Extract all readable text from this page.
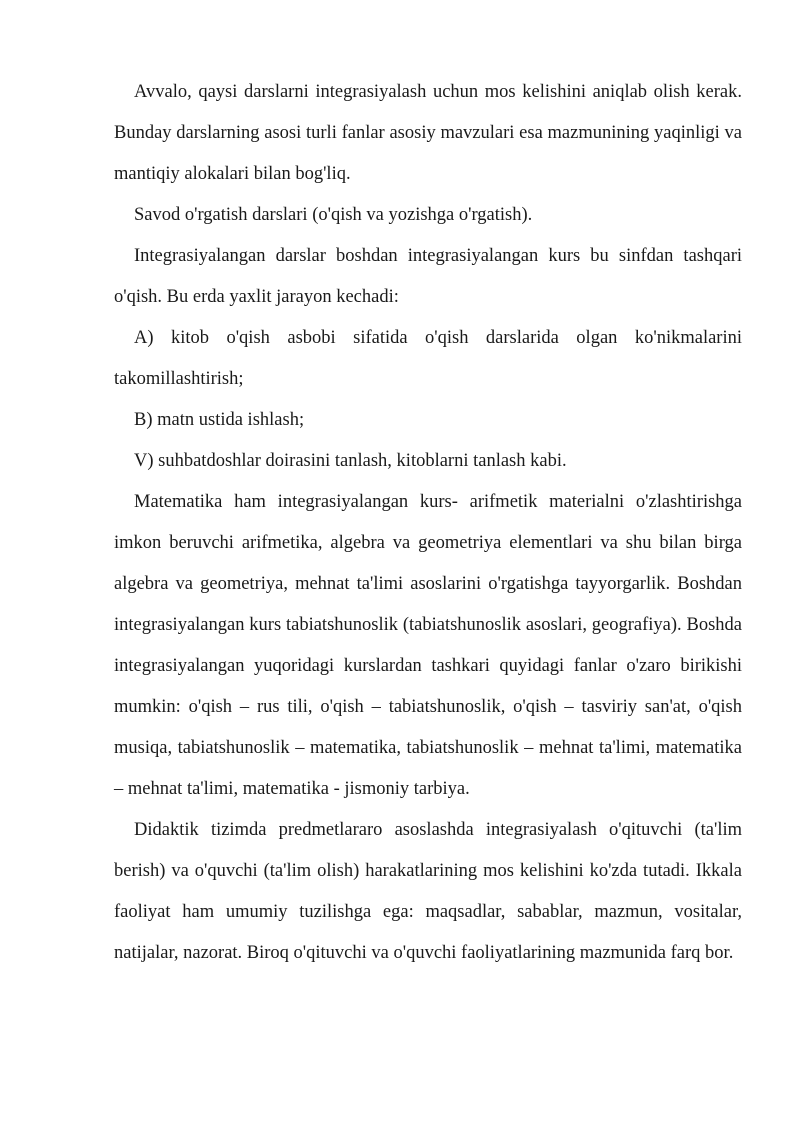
Avvalo, qaysi darslarni integrasiyalash uchun mos kelishini aniqlab olish kerak. Bunday darslarning asosi turli fanlar asosiy mavzulari esa mazmunining yaqinligi va mantiqiy alokalari bilan bog'liq.

Savod o'rgatish darslari (o'qish va yozishga o'rgatish).

Integrasiyalangan darslar boshdan integrasiyalangan kurs bu sinfdan tashqari o'qish. Bu erda yaxlit jarayon kechadi:

A) kitob o'qish asbobi sifatida o'qish darslarida olgan ko'nikmalarini takomillashtirish;

B) matn ustida ishlash;

V) suhbatdoshlar doirasini tanlash, kitoblarni tanlash kabi.

Matematika ham integrasiyalangan kurs- arifmetik materialni o'zlashtirishga imkon beruvchi arifmetika, algebra va geometriya elementlari va shu bilan birga algebra va geometriya, mehnat ta'limi asoslarini o'rgatishga tayyorgarlik. Boshdan integrasiyalangan kurs tabiatshunoslik (tabiatshunoslik asoslari, geografiya). Boshda integrasiyalangan yuqoridagi kurslardan tashkari quyidagi fanlar o'zaro birikishi mumkin: o'qish – rus tili, o'qish – tabiatshunoslik, o'qish – tasviriy san'at, o'qish musiqa, tabiatshunoslik – matematika, tabiatshunoslik – mehnat ta'limi, matematika – mehnat ta'limi, matematika - jismoniy tarbiya.

Didaktik tizimda predmetlararo asoslashda integrasiyalash o'qituvchi (ta'lim berish) va o'quvchi (ta'lim olish) harakatlarining mos kelishini ko'zda tutadi. Ikkala faoliyat ham umumiy tuzilishga ega: maqsadlar, sabablar, mazmun, vositalar, natijalar, nazorat. Biroq o'qituvchi va o'quvchi faoliyatlarining mazmunida farq bor.
